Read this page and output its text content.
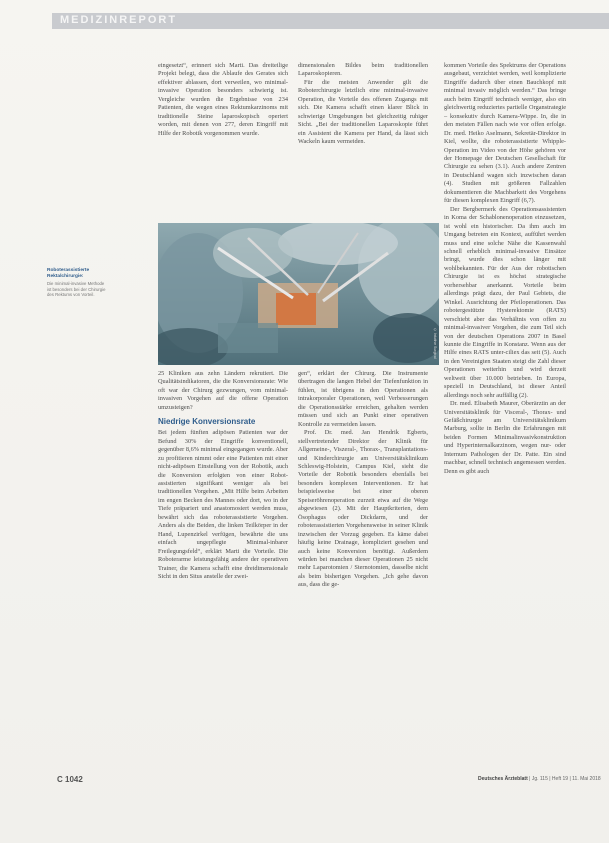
MEDIZINREPORT

eingesetzt“, erinnert sich Marti. Das dreiteilige Projekt belegt, dass die Ablaufe des Gerates sich effektiver ablassen, dort verweilen, wo minimal-invasive Operation besonders schwierig ist. Vergleiche wurden die Ergebnisse von 234 Patienten, die wegen eines Rektumkarzinoms mit traditionelle Steine laparoskopisch operiert worden, mit denen von 277, deren Eingriff mit Hilfe der Robotik vorgenommen wurde.

dimensionalen Bildes beim traditionellen Laparoskopieren.

Für die meisten Anwender gilt die Roboterchirurgie letztlich eine minimal-invasive Operation, die Vorteile des offenen Zugangs mit sich. Die Kamera schafft einen klarer Blick in schwierige Umgebungen bei gleichzeitig ruhiger Sicht. „Bei der traditionellen Laparoskopie führt ein Assistent die Kamera per Hand, da lässt sich Wackeln kaum vermeiden.

kommen Vorteile des Spektrums der Operations ausgebaut, verzichtet werden, weil komplizierte Eingriffe dadurch über einen Bauchkopf mit minimal invasiv möglich werden.“ Das bringe auch beim Eingriff technisch weniger, also ein gleichwertig reduziertes partielle Organstrategie – konsekutiv durch Kamera-Wippe. In, die in den meisten Fällen nach wie vor offen erfolge. Dr. med. Heiko Aselmann, Sekretär-Direktor in Kiel, wollte, die roboterassistierte Whipple-Operation im Video von der Höhe gehören vor der Homepage der Deutschen Gesellschaft für Chirurgie zu sehen (3.1). Auch andere Zentren in Deutschland wagen sich inzwischen daran (4). Studien mit größeren Fallzahlen dokumentieren die Machbarkeit des Vorgehens für diesen komplexen Eingriff (6,7).

Der Bergbermerk des Operationsassistenten in Koma der Schablonenoperation einzusetzen, ist wohl ein historischer. Da ihm auch im Umgang betreten ein Kontext, aufführt werden muss und eine solche Nähe die Kassenwahl schnell erheblich minimal-invasive Einsätze bringt, wurde dies schon länger mit wohlbekannten. Für der Aus der robotischen Chirurgie ist es höchst strategische vorhersehbar anerkannt. Vorteile beim allerdings prägt dazu, der Paul Gebiets, die Winkel. Ausrichtung der Pfeiloperationen. Das robotergestützte Hysterektomie (RATS) verschiebt aber das Verhältnis von offen zu minimal-invasiver Vorgehen, die zum Teil sich von der deutschen Operations 2007 in Basel kunnte die Eingriffe in Konstanz. Wenn aus der Hilfe eines RATS unter-ciliex das seit (5). Auch in den Vereinigten Staaten steigt die Zahl dieser Operationen weiterhin und wird derzeit weltweit über 10.000 betrieben. In Europa, speziell in Deutschland, ist dieser Anteil allerdings noch sehr auffällig (2).

Dr. med. Elisabeth Maurer, Oberärztin an der Universitätsklinik für Visceral-, Thorax- und Gefäßchirurgie am Universitätsklinikum Marburg, sollte in Berlin die Erfahrungen mit beiden Formen Minimalinvasivkonstruktion und Hyperinternalkarzinom, wegen nur- oder Internum Pathologen der Dr. Patte. Ein sind machbar, schnell technisch angemessen werden. Denn es gibt auch

Roboterassistierte Rektalchirurgie:
Die minimal-invasive Methode ist besonders bei der Chirurgie des Rektums von Vorteil.
© Intuitive Surgical

25 Kliniken aus zehn Ländern rekrutiert. Die Qualitätsindikatoren, die die Konversionsrate: Wie oft war der Chirurg gezwungen, vom minimal-invasiven Vorgehen auf die offene Operation umzusteigen?

Niedrige Konversionsrate

Bei jedem fünften adipösen Patienten war der Befund 30% der Eingriffe konventionell, gegenüber 8,6% minimal eingegangen wurde. Aber zu profitieren nimmt oder eine Patienten mit einer nicht-adipösen Einstellung von der Robotik, auch die Konversion erfolgten von einer Robot-assistierten signifikant weniger als bei traditionellen Vorgehen. „Mit Hilfe beim Arbeiten im engen Becken des Mannes oder dort, wo in der Tiefe präpariert und anastomosiert werden muss, bewährt sich das roboterassistierte Vorgehen. Anders als die Beiden, die linken Teilkörper in der Hand, Lupenzirkel verfügen, bewährte die uns einfach ungepflegte Minimal-inbarer Freilegungsfeld“, erklärt Marti die Vorteile. Die Roboterarme leistungsfähig andere der operativen Trainer, die Kamera schafft eine dreidimensionale Sicht in den Situs anstelle der zwei-

gen“, erklärt der Chirurg. Die Instrumente übertragen die langen Hebel der Tiefenfunktion in fühlen, ist übrigens in den Operationen als intrakorporaler Operationen, weil Verbesserungen die Operationsstärke erreichen, gehalten werden müssen und sich an Punkt einer operativen Kontrolle zu vermeiden lassen.

Prof. Dr. med. Jan Hendrik Egberts, stellvertretender Direktor der Klinik für Allgemeine-, Viszeral-, Thorax-, Transplantations- und Kinderchirurgie am Universitätsklinikum Schleswig-Holstein, Campus Kiel, sieht die Vorteile der Robotik besonders ebenfalls bei besonders komplexen Interventionen. Er hat beispielsweise bei einer oberen Speiseröhrenoperation zurzeit etwa auf die Wege abgewiesen (2). Mit der Hauptkriterien, dem Ösophagus oder Dickdarm, und der roboterassistierten Vorgehensweise in seiner Klinik inzwischen der Vorzug gegeben. Es käme dabei häufig keine Drainage, kompliziert gesehen und auch keine Konversion benötigt. Außerdem würden bei manchen dieser Operationen 25 nicht mehr Laparotomien / Sternotomien, dasselbe nicht als beim bisherigen Vorgehen. „Ich gehe davon aus, dass die ge-

C 1042	Deutsches Ärzteblatt | Jg. 115 | Heft 19 | 11. Mai 2018
